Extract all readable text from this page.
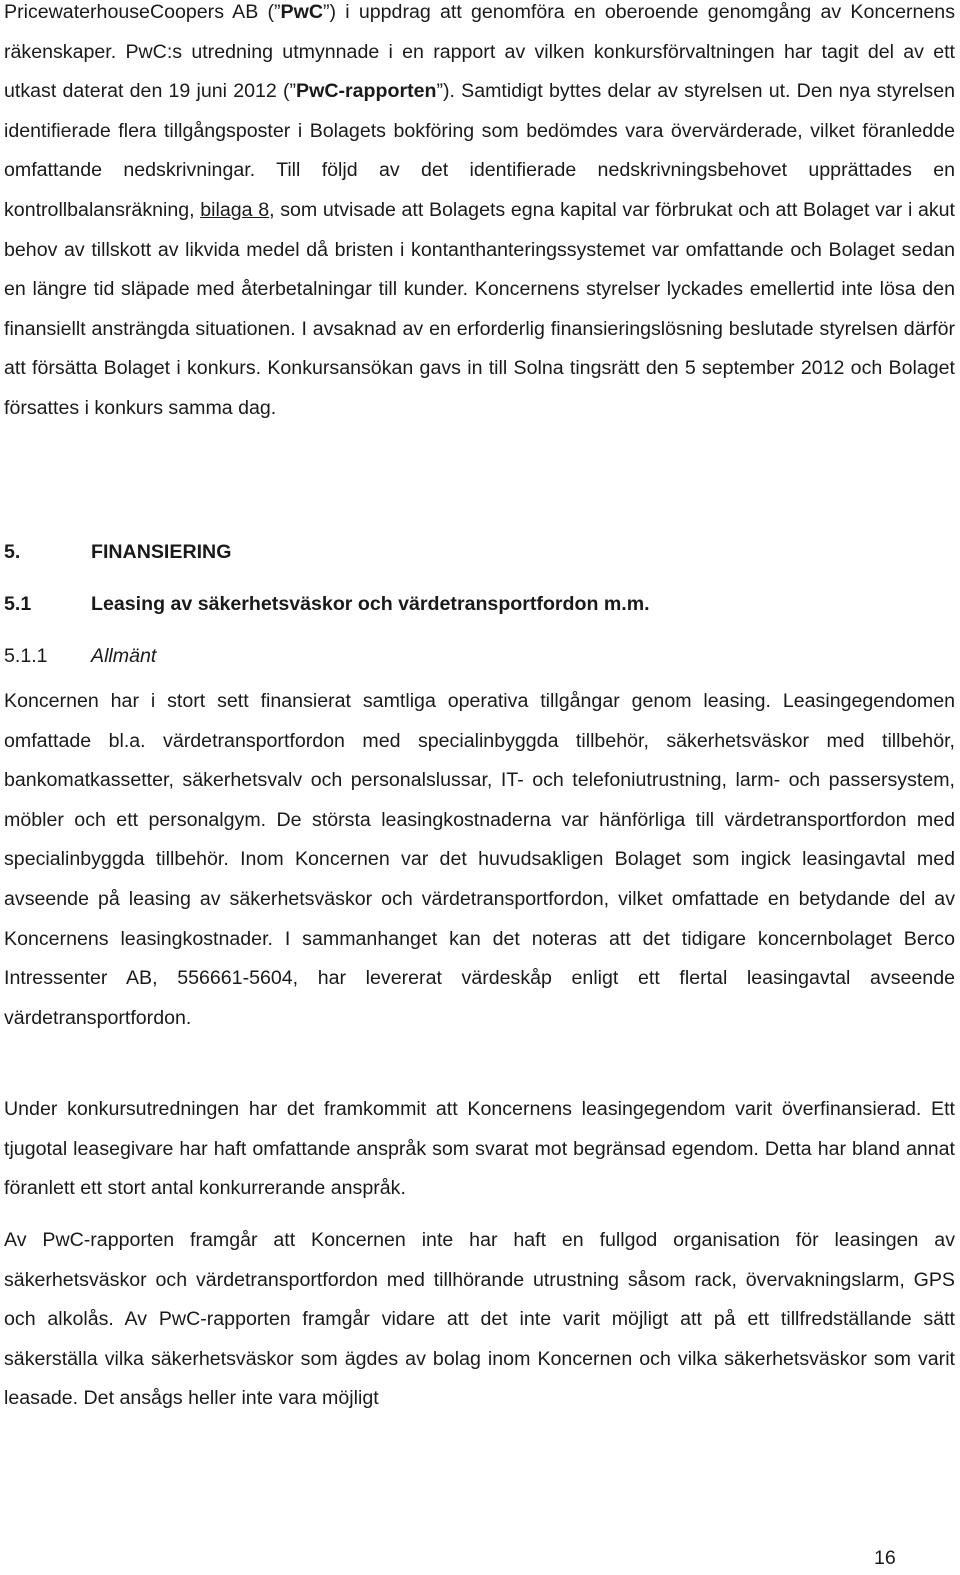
PricewaterhouseCoopers AB (”PwC”) i uppdrag att genomföra en oberoende genomgång av Koncernens räkenskaper. PwC:s utredning utmynnade i en rapport av vilken konkursförvaltningen har tagit del av ett utkast daterat den 19 juni 2012 (”PwC-rapporten”). Samtidigt byttes delar av styrelsen ut. Den nya styrelsen identifierade flera tillgångsposter i Bolagets bokföring som bedömdes vara övervärderade, vilket föranledde omfattande nedskrivningar. Till följd av det identifierade nedskrivningsbehovet upprättades en kontrollbalansräkning, bilaga 8, som utvisade att Bolagets egna kapital var förbrukat och att Bolaget var i akut behov av tillskott av likvida medel då bristen i kontanthanteringssystemet var omfattande och Bolaget sedan en längre tid släpade med återbetalningar till kunder. Koncernens styrelser lyckades emellertid inte lösa den finansiellt ansträngda situationen. I avsaknad av en erforderlig finansieringslösning beslutade styrelsen därför att försätta Bolaget i konkurs. Konkursansökan gavs in till Solna tingsrätt den 5 september 2012 och Bolaget försattes i konkurs samma dag.

5.	FINANSIERING
5.1	Leasing av säkerhetsväskor och värdetransportfordon m.m.
5.1.1	Allmänt

Koncernen har i stort sett finansierat samtliga operativa tillgångar genom leasing. Leasingegendomen omfattade bl.a. värdetransportfordon med specialinbyggda tillbehör, säkerhetsväskor med tillbehör, bankomatkassetter, säkerhetsvalv och personalslussar, IT- och telefoniutrustning, larm- och passersystem, möbler och ett personalgym. De största leasingkostnaderna var hänförliga till värdetransportfordon med specialinbyggda tillbehör. Inom Koncernen var det huvudsakligen Bolaget som ingick leasingavtal med avseende på leasing av säkerhetsväskor och värdetransportfordon, vilket omfattade en betydande del av Koncernens leasingkostnader. I sammanhanget kan det noteras att det tidigare koncernbolaget Berco Intressenter AB, 556661-5604, har levererat värdeskåp enligt ett flertal leasingavtal avseende värdetransportfordon.

Under konkursutredningen har det framkommit att Koncernens leasingegendom varit överfinansierad. Ett tjugotal leasegivare har haft omfattande anspråk som svarat mot begränsad egendom. Detta har bland annat föranlett ett stort antal konkurrerande anspråk.

Av PwC-rapporten framgår att Koncernen inte har haft en fullgod organisation för leasingen av säkerhetsväskor och värdetransportfordon med tillhörande utrustning såsom rack, övervakningslarm, GPS och alkolås. Av PwC-rapporten framgår vidare att det inte varit möjligt att på ett tillfredställande sätt säkerställa vilka säkerhetsväskor som ägdes av bolag inom Koncernen och vilka säkerhetsväskor som varit leasade. Det ansågs heller inte vara möjligt

16
